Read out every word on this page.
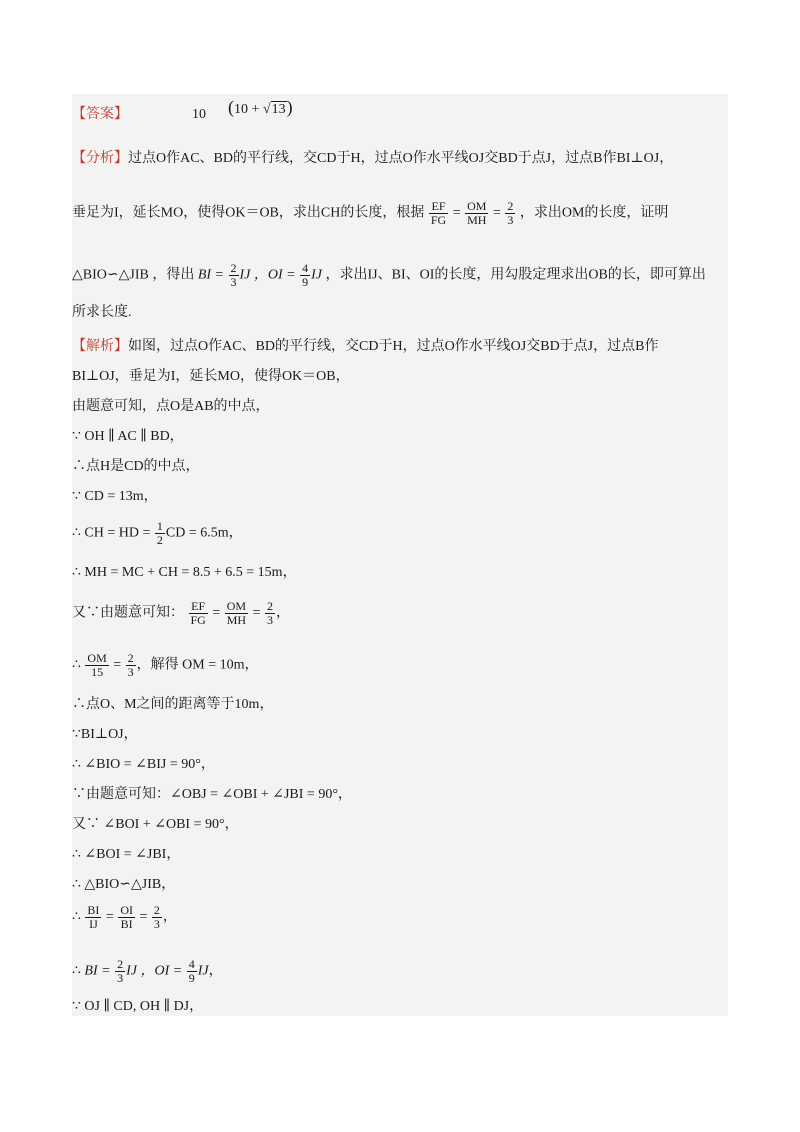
【答案】	10 (10 + √13)
【分析】过点O作AC、BD的平行线，交CD于H，过点O作水平线OJ交BD于点J，过点B作BI⊥OJ，
垂足为I，延长MO，使得OK＝OB，求出CH的长度，根据 $\frac{EF}{FG} = \frac{OM}{MH} = \frac{2}{3}$ ，求出OM的长度，证明
△BIO∽△JIB ，得出 BI = $\frac{2}{3}$ IJ ，OI = $\frac{4}{9}$ IJ ，求出IJ、BI、OI的长度，用勾股定理求出OB的长，即可算出
所求长度.
【解析】如图，过点O作AC、BD的平行线，交CD于H，过点O作水平线OJ交BD于点J，过点B作
BI⊥OJ，垂足为I，延长MO，使得OK＝OB，
由题意可知，点O是AB的中点，
∵ OH ∥ AC ∥ BD，
∴点H是CD的中点，
∵ CD = 13m，
∴ CH = HD = $\frac{1}{2}$ CD = 6.5m，
∴ MH = MC + CH = 8.5 + 6.5 = 15m，
又∵由题意可知： $\frac{EF}{FG} = \frac{OM}{MH} = \frac{2}{3}$ ，
∴ $\frac{OM}{15} = \frac{2}{3}$ ，解得 OM = 10m，
∴点O、M之间的距离等于10m，
∵BI⊥OJ，
∴ ∠BIO = ∠BIJ = 90°，
∵由题意可知：∠OBJ = ∠OBI + ∠JBI = 90°，
又∵ ∠BOI + ∠OBI = 90°，
∴ ∠BOI = ∠JBI，
∴ △BIO∽△JIB，
∴ $\frac{BI}{IJ} = \frac{OI}{BI} = \frac{2}{3}$ ，
∴ BI = $\frac{2}{3}$ IJ ，OI = $\frac{4}{9}$ IJ，
∵ OJ ∥ CD, OH ∥ DJ，
